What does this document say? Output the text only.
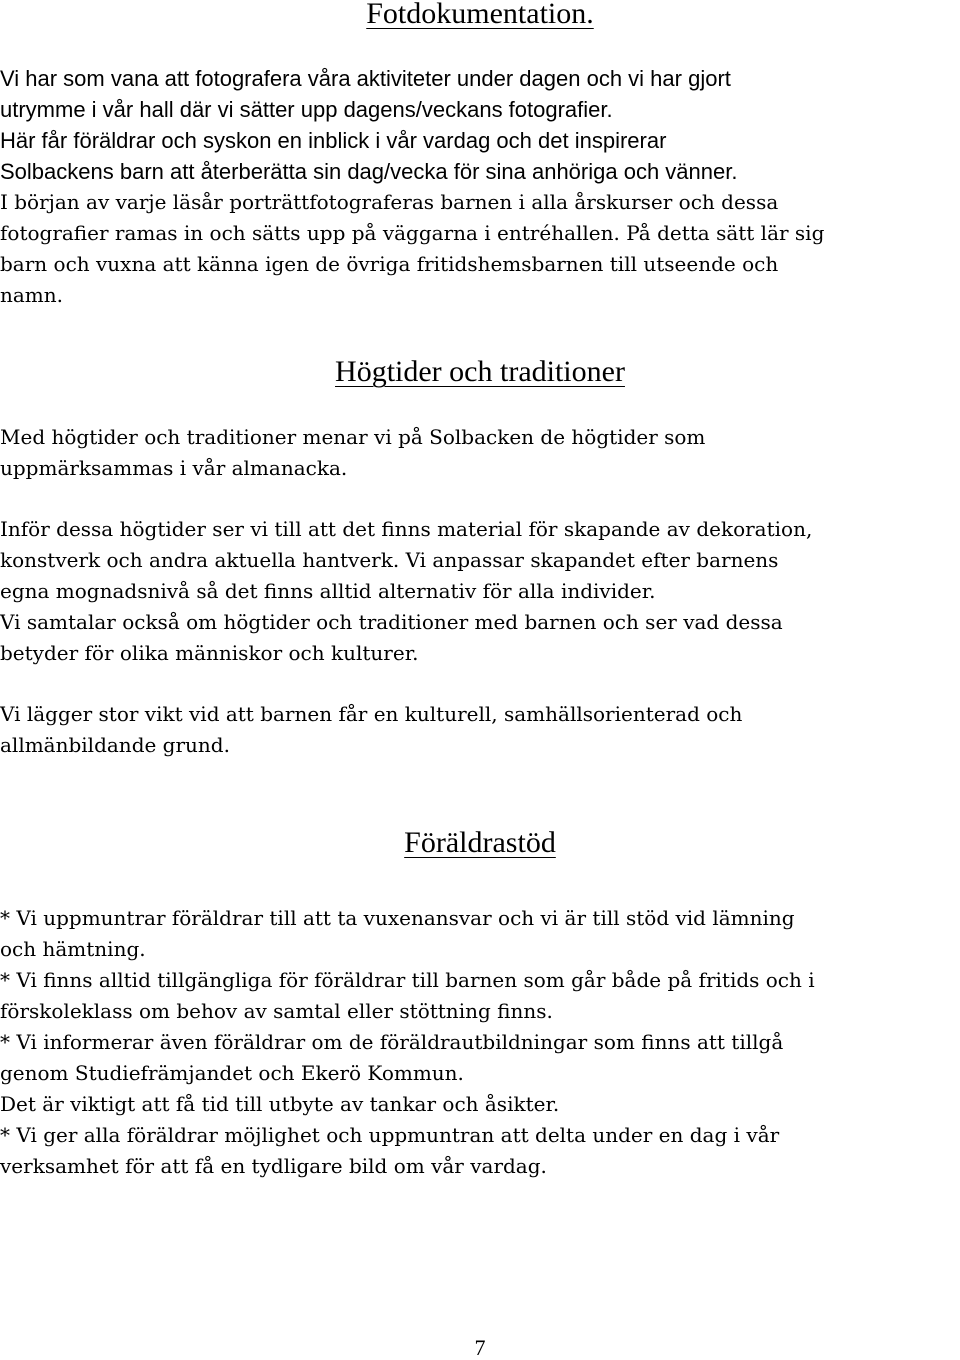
Fotdokumentation.
Vi har som vana att fotografera våra aktiviteter under dagen och vi har gjort
utrymme i vår hall där vi sätter upp dagens/veckans fotografier.
Här får föräldrar och syskon en inblick i vår vardag och det inspirerar
Solbackens barn att återberätta sin dag/vecka för sina anhöriga och vänner.
I början av varje läsår porträttfotograferas barnen i alla årskurser och dessa
fotografier ramas in och sätts upp på väggarna i entréhallen. På detta sätt lär sig
barn och vuxna att känna igen de övriga fritidshemsbarnen till utseende och
namn.
Högtider och traditioner
Med högtider och traditioner menar vi på Solbacken de högtider som
uppmärksammas i vår almanacka.
Inför dessa högtider ser vi till att det finns material för skapande av dekoration,
konstverk och andra aktuella hantverk. Vi anpassar skapandet efter barnens
egna mognadsnivå så det finns alltid alternativ för alla individer.
Vi samtalar också om högtider och traditioner med barnen och ser vad dessa
betyder för olika människor och kulturer.
Vi lägger stor vikt vid att barnen får en kulturell, samhällsorienterad och
allmänbildande grund.
Föräldrastöd
* Vi uppmuntrar föräldrar till att ta vuxenansvar och vi är till stöd vid lämning
och hämtning.
* Vi finns alltid tillgängliga för föräldrar till barnen som går både på fritids och i
förskoleklass om behov av samtal eller stöttning finns.
* Vi informerar även föräldrar om de föräldrautbildningar som finns att tillgå
genom Studiefrämjandet och Ekerö Kommun.
Det är viktigt att få tid till utbyte av tankar och åsikter.
* Vi ger alla föräldrar möjlighet och uppmuntran att delta under en dag i vår
verksamhet för att få en tydligare bild om vår vardag.
7
